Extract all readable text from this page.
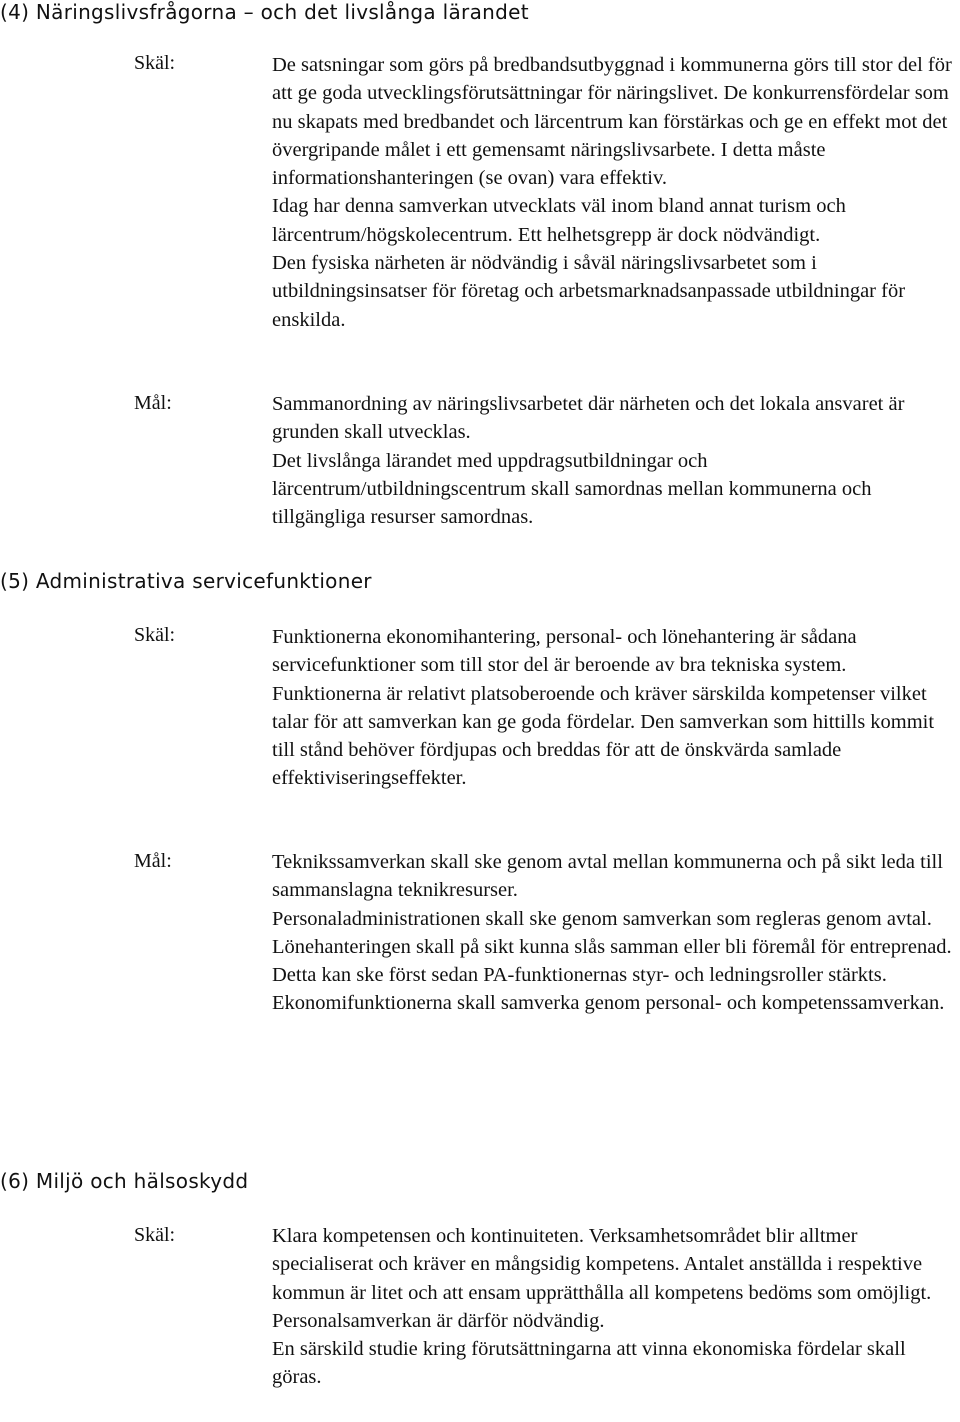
(4) Näringslivsfrågorna – och det livslånga lärandet
Skäl:	De satsningar som görs på bredbandsutbyggnad i kommunerna görs till stor del för att ge goda utvecklingsförutsättningar för näringslivet. De konkurrensfördelar som nu skapats med bredbandet och lärcentrum kan förstärkas och ge en effekt mot det övergripande målet i ett gemensamt näringslivsarbete. I detta måste informationshanteringen (se ovan) vara effektiv.

Idag har denna samverkan utvecklats väl inom bland annat turism och lärcentrum/högskolecentrum. Ett helhetsgrepp är dock nödvändigt.

Den fysiska närheten är nödvändig i såväl näringslivsarbetet som i utbildningsinsatser för företag och arbetsmarknadsanpassade utbildningar för enskilda.

Mål:	Sammanordning av näringslivsarbetet där närheten och det lokala ansvaret är grunden skall utvecklas.

Det livslånga lärandet med uppdragsutbildningar och lärcentrum/utbildningscentrum skall samordnas mellan kommunerna och tillgängliga resurser samordnas.

(5) Administrativa servicefunktioner
Skäl:	Funktionerna ekonomihantering, personal- och lönehantering är sådana servicefunktioner som till stor del är beroende av bra tekniska system. Funktionerna är relativt platsoberoende och kräver särskilda kompetenser vilket talar för att samverkan kan ge goda fördelar. Den samverkan som hittills kommit till stånd behöver fördjupas och breddas för att de önskvärda samlade effektiviseringseffekter.

Mål:	Teknikssamverkan skall ske genom avtal mellan kommunerna och på sikt leda till sammanslagna teknikresurser.

Personaladministrationen skall ske genom samverkan som regleras genom avtal.

Lönehanteringen skall på sikt kunna slås samman eller bli föremål för entreprenad. Detta kan ske först sedan PA-funktionernas styr- och ledningsroller stärkts.

Ekonomifunktionerna skall samverka genom personal- och kompetenssamverkan.

(6) Miljö och hälsoskydd
Skäl:	Klara kompetensen och kontinuiteten. Verksamhetsområdet blir alltmer specialiserat och kräver en mångsidig kompetens. Antalet anställda i respektive kommun är litet och att ensam upprätthålla all kompetens bedöms som omöjligt. Personalsamverkan är därför nödvändig.

En särskild studie kring förutsättningarna att vinna ekonomiska fördelar skall göras.
